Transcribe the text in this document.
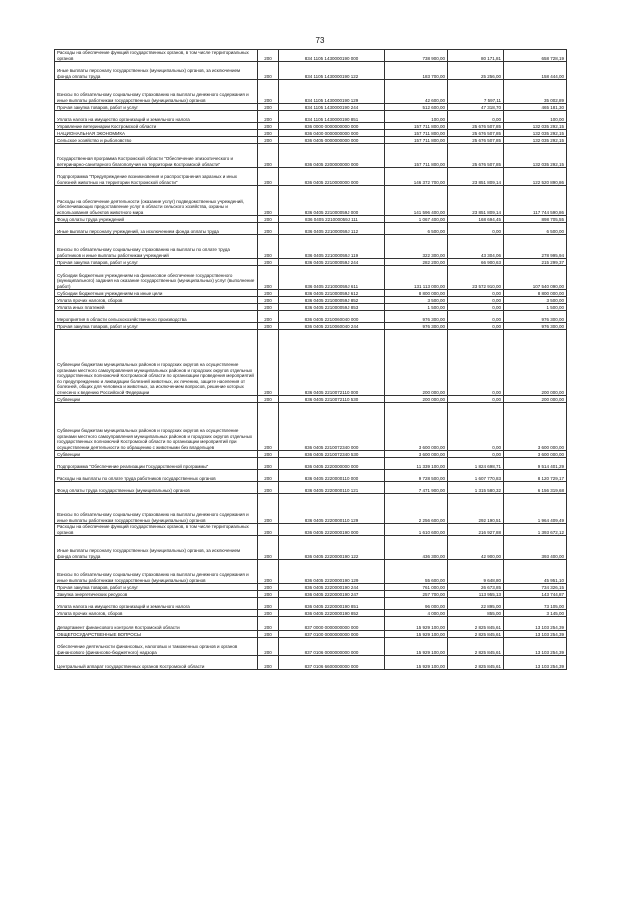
73
Расходы на обеспечение функций государственных органов, в том числе территориальных органов	200	834 1105 1430000190 000	738 900,00	80 171,81	658 728,19
Иные выплаты персоналу государственных (муниципальных) органов, за исключением фонда оплаты труда	200	834 1105 1430000190 122	183 700,00	25 256,00	158 444,00
Взносы по обязательному социальному страхованию на выплаты денежного содержания и иные выплаты работникам государственных (муниципальных) органов	200	834 1105 1430000190 129	42 600,00	7 597,11	35 002,89
Прочая закупка товаров, работ и услуг	200	834 1105 1430000190 244	512 600,00	47 318,70	465 181,30
Уплата налога на имущество организаций и земельного налога	200	834 1105 1430000190 851	100,00	0,00	100,00
Управление ветеринарии Костромской области	200	836 0000 0000000000 000	157 711 800,00	25 676 507,85	132 035 292,15
НАЦИОНАЛЬНАЯ ЭКОНОМИКА	200	836 0400 0000000000 000	157 711 800,00	25 676 507,85	132 035 292,15
Сельское хозяйство и рыболовство	200	836 0405 0000000000 000	157 711 800,00	25 676 507,85	132 035 292,15
Государственная программа Костромской области "Обеспечение эпизоотического и ветеринарно-санитарного благополучия на территории Костромской области"	200	836 0405 2200000000 000	157 711 800,00	25 676 507,85	132 035 292,15
Подпрограмма "Предупреждение возникновения и распространения заразных и иных болезней животных на территории Костромской области"	200	836 0405 2210000000 000	146 372 700,00	23 851 809,14	122 520 890,86
Расходы на обеспечение деятельности (оказание услуг) подведомственных учреждений, обеспечивающих предоставление услуг в области сельского хозяйства, охраны и использования объектов животного мира	200	836 0405 221000059J 000	141 596 400,00	23 851 809,14	117 744 590,86
Фонд оплаты труда учреждений	200	836 0405 221000059J 111	1 067 400,00	168 694,45	898 705,55
Иные выплаты персоналу учреждений, за исключением фонда оплаты труда	200	836 0405 221000059J 112	6 500,00	0,00	6 500,00
Взносы по обязательному социальному страхованию на выплаты по оплате труда работников и иные выплаты работникам учреждений	200	836 0405 221000059J 119	322 300,00	43 304,06	278 995,94
Прочая закупка товаров, работ и услуг	200	836 0405 221000059J 244	282 200,00	66 900,63	215 299,37
Субсидии бюджетным учреждениям на финансовое обеспечение государственного (муниципального) задания на оказание государственных (муниципальных) услуг (выполнение работ)	200	836 0405 221000059J 611	131 113 000,00	23 572 910,00	107 540 090,00
Субсидии бюджетным учреждениям на иные цели	200	836 0405 221000059J 612	8 800 000,00	0,00	8 800 000,00
Уплата прочих налогов, сборов	200	836 0405 221000059J 852	3 500,00	0,00	3 500,00
Уплата иных платежей	200	836 0405 221000059J 853	1 500,00	0,00	1 500,00
Мероприятия в области сельскохозяйственного производства	200	836 0405 2210060040 000	976 300,00	0,00	976 300,00
Прочая закупка товаров, работ и услуг	200	836 0405 2210060040 244	976 300,00	0,00	976 300,00
Субвенции бюджетам муниципальных районов и городских округов на осуществление органами местного самоуправления муниципальных районов и городских округов отдельных государственных полномочий Костромской области по организации проведения мероприятий по предупреждению и ликвидации болезней животных, их лечению, защите населения от болезней, общих для человека и животных, за исключением вопросов, решение которых отнесено к ведению Российской Федерации	200	836 0405 2210072110 000	200 000,00	0,00	200 000,00
Субвенции	200	836 0405 2210072110 530	200 000,00	0,00	200 000,00
Субвенции бюджетам муниципальных районов и городских округов на осуществление органами местного самоуправления муниципальных районов и городских округов отдельных государственных полномочий Костромской области по организации мероприятий при осуществлении деятельности по обращению с животными без владельцев	200	836 0405 2210072340 000	3 600 000,00	0,00	3 600 000,00
Субвенции	200	836 0405 2210072340 530	3 600 000,00	0,00	3 600 000,00
Подпрограмма "Обеспечение реализации Государственной программы"	200	836 0405 2220000000 000	11 339 100,00	1 824 698,71	9 514 401,29
Расходы на выплаты по оплате труда работников государственных органов	200	836 0405 2220000110 000	9 728 500,00	1 607 770,83	8 120 729,17
Фонд оплаты труда государственных (муниципальных) органов	200	836 0405 2220000110 121	7 471 900,00	1 315 580,32	6 156 319,68
Взносы по обязательному социальному страхованию на выплаты денежного содержания и иные выплаты работникам государственных (муниципальных) органов	200	836 0405 2220000110 129	2 256 600,00	292 190,51	1 964 409,49
Расходы на обеспечение функций государственных органов, в том числе территориальных органов	200	836 0405 2220000190 000	1 610 600,00	216 927,88	1 393 672,12
Иные выплаты персоналу государственных (муниципальных) органов, за исключением фонда оплаты труда	200	836 0405 2220000190 122	436 300,00	42 900,00	393 400,00
Взносы по обязательному социальному страхованию на выплаты денежного содержания и иные выплаты работникам государственных (муниципальных) органов	200	836 0405 2220000190 129	55 600,00	9 648,80	45 951,10
Прочая закупка товаров, работ и услуг	200	836 0405 2220000190 244	761 000,00	26 673,85	734 326,15
Закупка энергетических ресурсов	200	836 0405 2220000190 247	257 700,00	113 955,13	143 744,87
Уплата налога на имущество организаций и земельного налога	200	836 0405 2220000190 851	96 000,00	22 895,00	73 105,00
Уплата прочих налогов, сборов	200	836 0405 2220000190 852	4 000,00	855,00	3 145,00
Департамент финансового контроля Костромской области	200	837 0000 0000000000 000	15 929 100,00	2 825 845,61	13 103 254,39
ОБЩЕГОСУДАРСТВЕННЫЕ ВОПРОСЫ	200	837 0100 0000000000 000	15 929 100,00	2 825 845,61	13 103 254,39
Обеспечение деятельности финансовых, налоговых и таможенных органов и органов финансового (финансово-бюджетного) надзора	200	837 0106 0000000000 000	15 929 100,00	2 825 845,61	13 103 254,39
Центральный аппарат государственных органов Костромской области	200	837 0106 6600000000 000	15 929 100,00	2 825 845,61	13 103 254,39
